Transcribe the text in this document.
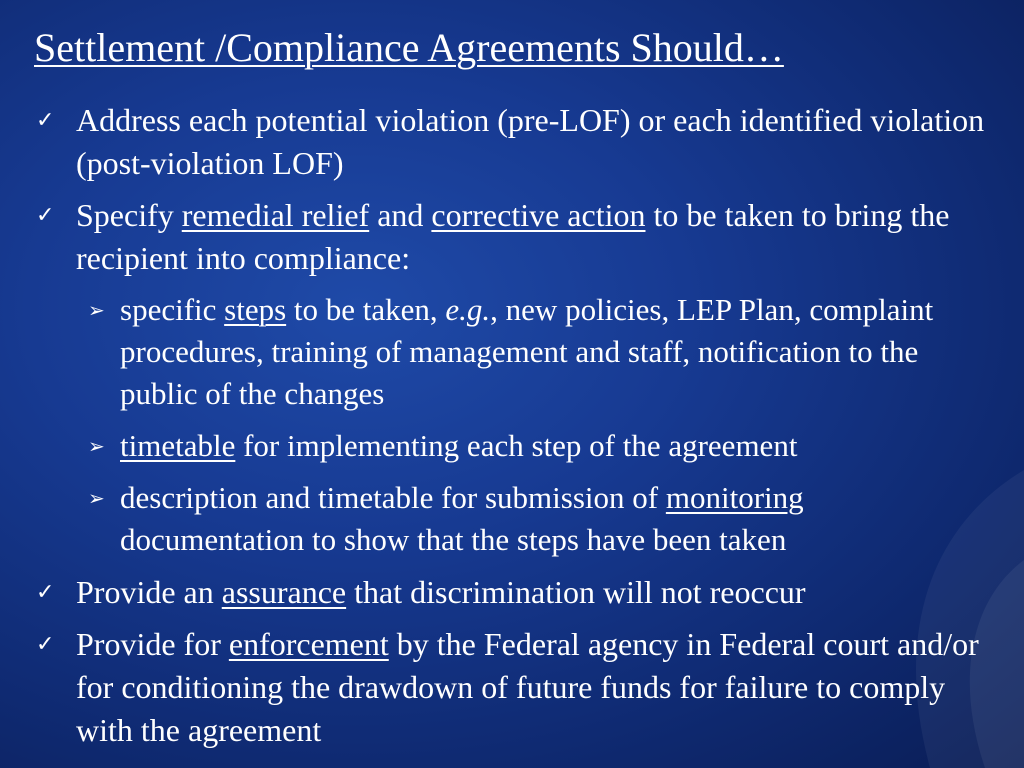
Settlement /Compliance Agreements Should…
✓ Address each potential violation (pre-LOF) or each identified violation (post-violation LOF)
✓ Specify remedial relief and corrective action to be taken to bring the recipient into compliance:
➢ specific steps to be taken, e.g., new policies, LEP Plan, complaint procedures, training of management and staff, notification to the public of the changes
➢ timetable for implementing each step of the agreement
➢ description and timetable for submission of monitoring documentation to show that the steps have been taken
✓ Provide an assurance that discrimination will not reoccur
✓ Provide for enforcement by the Federal agency in Federal court and/or for conditioning the drawdown of future funds for failure to comply with the agreement
